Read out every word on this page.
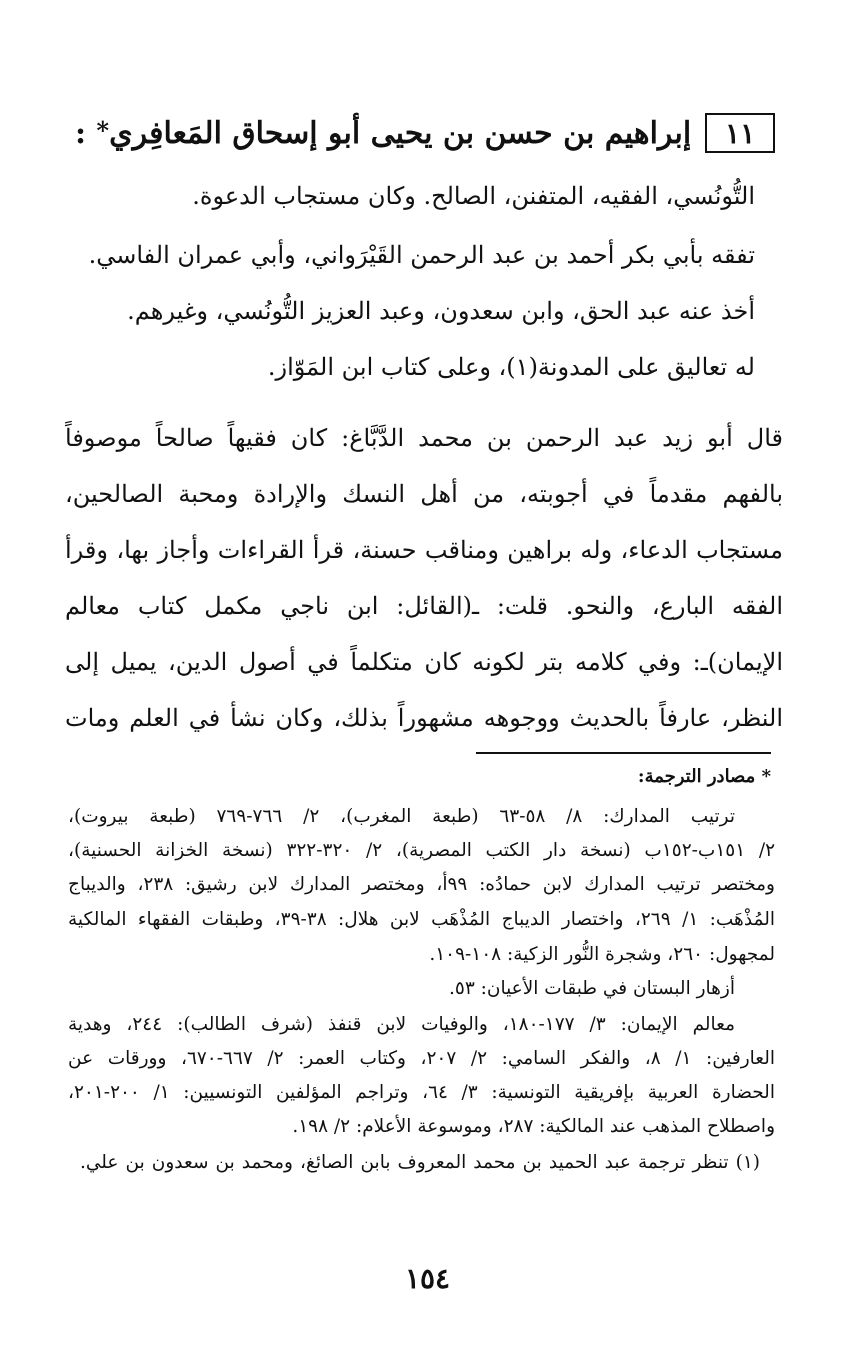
١١
إبراهيم بن حسن بن يحيى أبو إسحاق المَعافِري* :
التُّونُسي، الفقيه، المتفنن، الصالح. وكان مستجاب الدعوة.
تفقه بأبي بكر أحمد بن عبد الرحمن القَيْرَواني، وأبي عمران الفاسي.
أخذ عنه عبد الحق، وابن سعدون، وعبد العزيز التُّونُسي، وغيرهم.
له تعاليق على المدونة(١)، وعلى كتاب ابن المَوّاز.
قال أبو زيد عبد الرحمن بن محمد الدَّبَّاغ: كان فقيهاً صالحاً موصوفاً
بالفهم مقدماً في أجوبته، من أهل النسك والإرادة ومحبة الصالحين،
مستجاب الدعاء، وله براهين ومناقب حسنة، قرأ القراءات وأجاز بها، وقرأ
الفقه البارع، والنحو. قلت: ـ(القائل: ابن ناجي مكمل كتاب معالم
الإيمان)ـ: وفي كلامه بتر لكونه كان متكلماً في أصول الدين، يميل إلى
النظر، عارفاً بالحديث ووجوهه مشهوراً بذلك، وكان نشأ في العلم ومات
* مصادر الترجمة:
ترتيب المدارك: ٨/ ٥٨-٦٣ (طبعة المغرب)، ٢/ ٧٦٦-٧٦٩ (طبعة بيروت)،
٢/ ١٥١ب-١٥٢ب (نسخة دار الكتب المصرية)، ٢/ ٣٢٠-٣٢٢ (نسخة الخزانة الحسنية)،
ومختصر ترتيب المدارك لابن حمادُه: ٩٩أ، ومختصر المدارك لابن رشيق: ٢٣٨، والديباج
المُذْهَب: ١/ ٢٦٩، واختصار الديباج المُذْهَب لابن هلال: ٣٨-٣٩، وطبقات الفقهاء المالكية
لمجهول: ٢٦٠، وشجرة النُّور الزكية: ١٠٨-١٠٩.
أزهار البستان في طبقات الأعيان: ٥٣.
معالم الإيمان: ٣/ ١٧٧-١٨٠، والوفيات لابن قنفذ (شرف الطالب): ٢٤٤، وهدية
العارفين: ١/ ٨، والفكر السامي: ٢/ ٢٠٧، وكتاب العمر: ٢/ ٦٦٧-٦٧٠، وورقات عن
الحضارة العربية بإفريقية التونسية: ٣/ ٦٤، وتراجم المؤلفين التونسيين: ١/ ٢٠٠-٢٠١،
واصطلاح المذهب عند المالكية: ٢٨٧، وموسوعة الأعلام: ٢/ ١٩٨.
(١) تنظر ترجمة عبد الحميد بن محمد المعروف بابن الصائغ، ومحمد بن سعدون بن علي.
١٥٤
